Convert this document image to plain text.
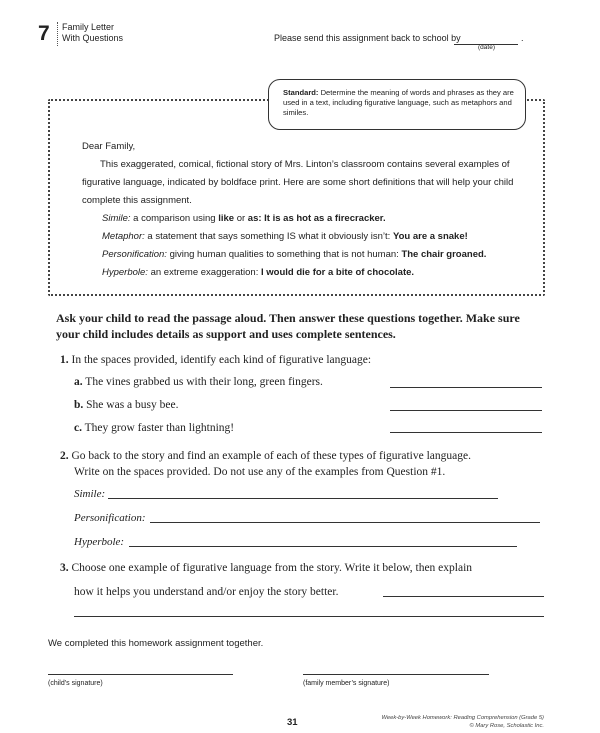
7 Family Letter
With Questions	Please send this assignment back to school by	.
(date)
Standard: Determine the meaning of words and phrases as they are used in a text, including figurative language, such as metaphors and similes.

Dear Family,

This exaggerated, comical, fictional story of Mrs. Linton’s classroom contains several examples of figurative language, indicated by boldface print. Here are some short definitions that will help your child complete this assignment.

Simile: a comparison using like or as: It is as hot as a firecracker.

Metaphor: a statement that says something IS what it obviously isn’t: You are a snake!

Personification: giving human qualities to something that is not human: The chair groaned.

Hyperbole: an extreme exaggeration: I would die for a bite of chocolate.

Ask your child to read the passage aloud. Then answer these questions together. Make sure your child includes details as support and uses complete sentences.
1. In the spaces provided, identify each kind of figurative language:
a. The vines grabbed us with their long, green fingers.
b. She was a busy bee.
c. They grow faster than lightning!
2. Go back to the story and find an example of each of these types of figurative language.
Write on the spaces provided. Do not use any of the examples from Question #1.
Simile:
Personification:
Hyperbole:
3. Choose one example of figurative language from the story. Write it below, then explain
how it helps you understand and/or enjoy the story better.
We completed this homework assignment together.
(child’s signature)	(family member’s signature)
31	Week-by-Week Homework: Reading Comprehension (Grade 5)
© Mary Rose, Scholastic Inc.
